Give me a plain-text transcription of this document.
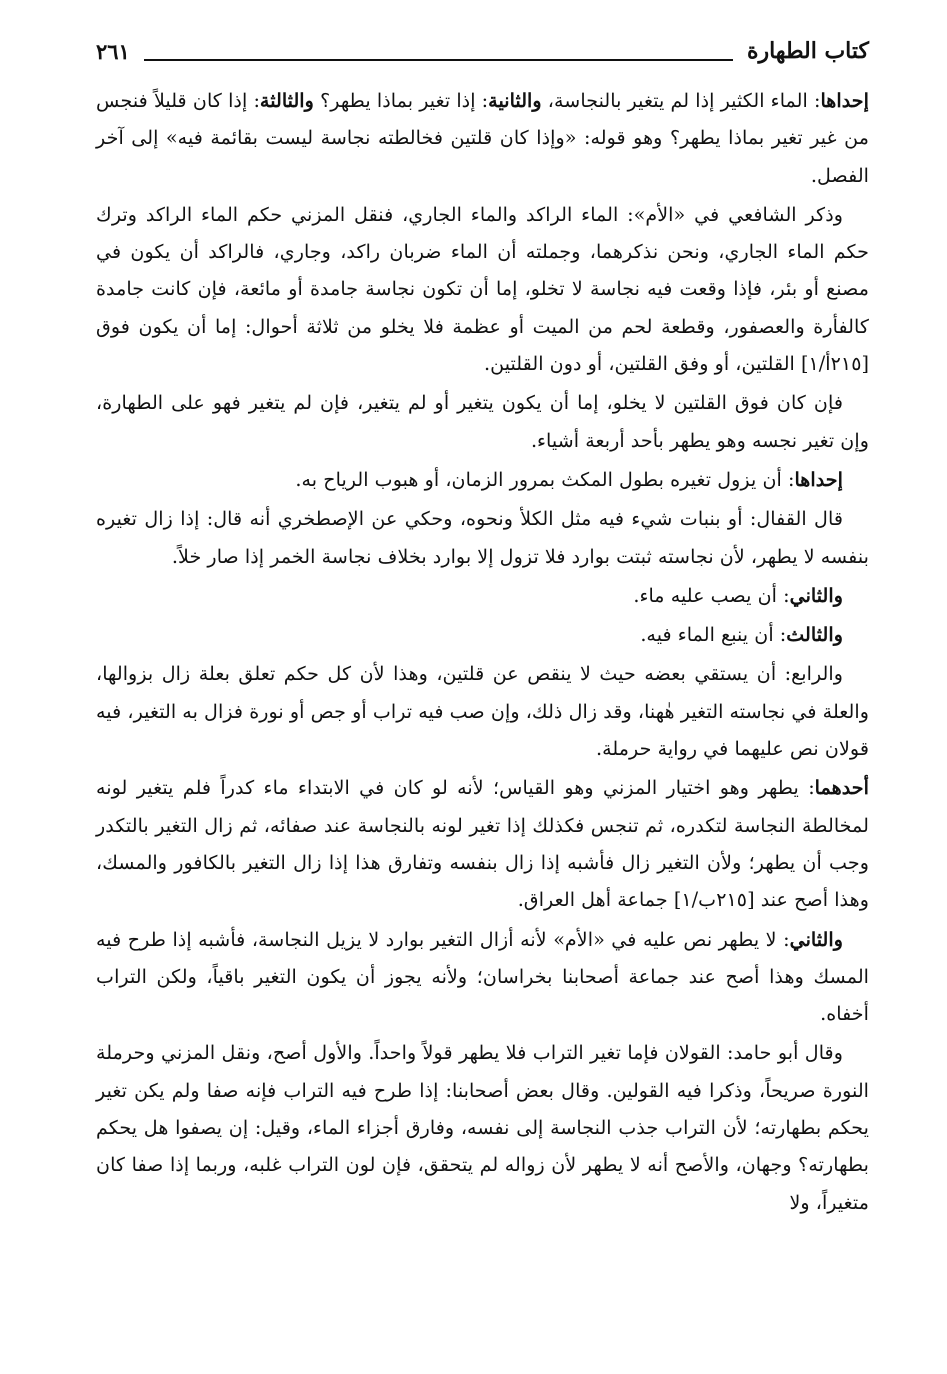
كتاب الطهارة
٢٦١

إحداها: الماء الكثير إذا لم يتغير بالنجاسة، والثانية: إذا تغير بماذا يطهر؟ والثالثة: إذا كان قليلاً فنجس من غير تغير بماذا يطهر؟ وهو قوله: «وإذا كان قلتين فخالطته نجاسة ليست بقائمة فيه» إلى آخر الفصل.

وذكر الشافعي في «الأم»: الماء الراكد والماء الجاري، فنقل المزني حكم الماء الراكد وترك حكم الماء الجاري، ونحن نذكرهما، وجملته أن الماء ضربان راكد، وجاري، فالراكد أن يكون في مصنع أو بئر، فإذا وقعت فيه نجاسة لا تخلو، إما أن تكون نجاسة جامدة أو مائعة، فإن كانت جامدة كالفأرة والعصفور، وقطعة لحم من الميت أو عظمة فلا يخلو من ثلاثة أحوال: إما أن يكون فوق [٢١٥أ/١] القلتين، أو وفق القلتين، أو دون القلتين.

فإن كان فوق القلتين لا يخلو، إما أن يكون يتغير أو لم يتغير، فإن لم يتغير فهو على الطهارة، وإن تغير نجسه وهو يطهر بأحد أربعة أشياء.

إحداها: أن يزول تغيره بطول المكث بمرور الزمان، أو هبوب الرياح به.

قال القفال: أو بنبات شيء فيه مثل الكلأ ونحوه، وحكي عن الإصطخري أنه قال: إذا زال تغيره بنفسه لا يطهر، لأن نجاسته ثبتت بوارد فلا تزول إلا بوارد بخلاف نجاسة الخمر إذا صار خلاً.

والثاني: أن يصب عليه ماء.

والثالث: أن ينبع الماء فيه.

والرابع: أن يستقي بعضه حيث لا ينقص عن قلتين، وهذا لأن كل حكم تعلق بعلة زال بزوالها، والعلة في نجاسته التغير هٰهنا، وقد زال ذلك، وإن صب فيه تراب أو جص أو نورة فزال به التغير، فيه قولان نص عليهما في رواية حرملة.

أحدهما: يطهر وهو اختيار المزني وهو القياس؛ لأنه لو كان في الابتداء ماء كدراً فلم يتغير لونه لمخالطة النجاسة لتكدره، ثم تنجس فكذلك إذا تغير لونه بالنجاسة عند صفائه، ثم زال التغير بالتكدر وجب أن يطهر؛ ولأن التغير زال فأشبه إذا زال بنفسه وتفارق هذا إذا زال التغير بالكافور والمسك، وهذا أصح عند [٢١٥ب/١] جماعة أهل العراق.

والثاني: لا يطهر نص عليه في «الأم» لأنه أزال التغير بوارد لا يزيل النجاسة، فأشبه إذا طرح فيه المسك وهذا أصح عند جماعة أصحابنا بخراسان؛ ولأنه يجوز أن يكون التغير باقياً، ولكن التراب أخفاه.

وقال أبو حامد: القولان فإما تغير التراب فلا يطهر قولاً واحداً. والأول أصح، ونقل المزني وحرملة النورة صريحاً، وذكرا فيه القولين. وقال بعض أصحابنا: إذا طرح فيه التراب فإنه صفا ولم يكن تغير يحكم بطهارته؛ لأن التراب جذب النجاسة إلى نفسه، وفارق أجزاء الماء، وقيل: إن يصفوا هل يحكم بطهارته؟ وجهان، والأصح أنه لا يطهر لأن زواله لم يتحقق، فإن لون التراب غلبه، وربما إذا صفا كان متغيراً، ولا
